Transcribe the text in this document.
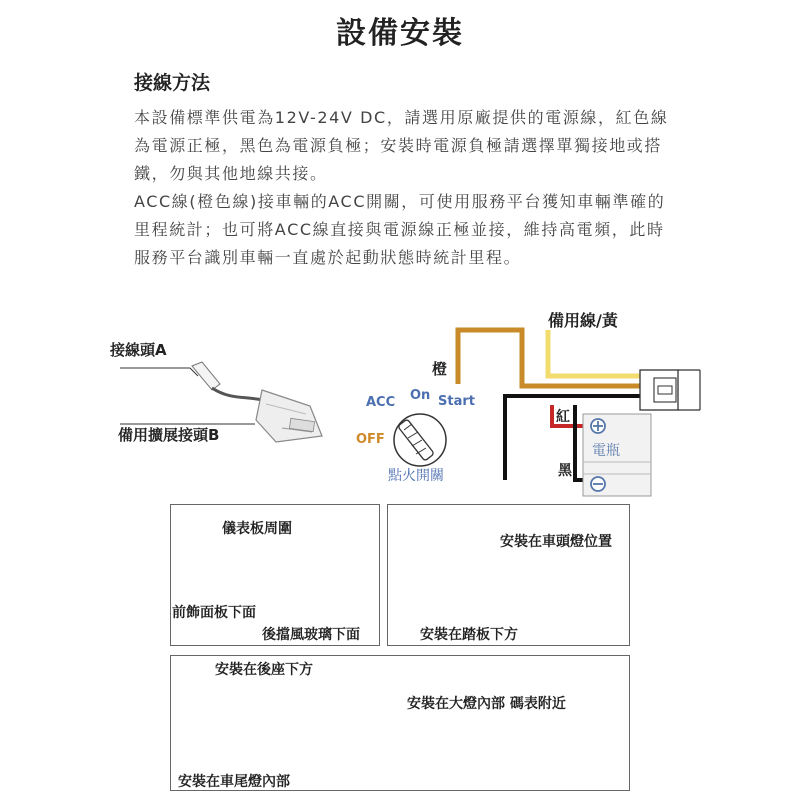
設備安裝
接線方法

本設備標準供電為12V-24V DC，請選用原廠提供的電源線，紅色線為電源正極，黑色為電源負極；安裝時電源負極請選擇單獨接地或搭鐵，勿與其他地線共接。

ACC線(橙色線)接車輛的ACC開關，可使用服務平台獲知車輛準確的里程統計；也可將ACC線直接與電源線正極並接，維持高電頻，此時服務平台識別車輛一直處於起動狀態時統計里程。

接線頭A
備用擴展接頭B
備用線/黃
橙
紅
黑
電瓶
ACC On Start
OFF
點火開關
儀表板周圍
前飾面板下面
後擋風玻璃下面
安裝在車頭燈位置
安裝在踏板下方
安裝在後座下方
安裝在大燈內部 碼表附近
安裝在車尾燈內部
